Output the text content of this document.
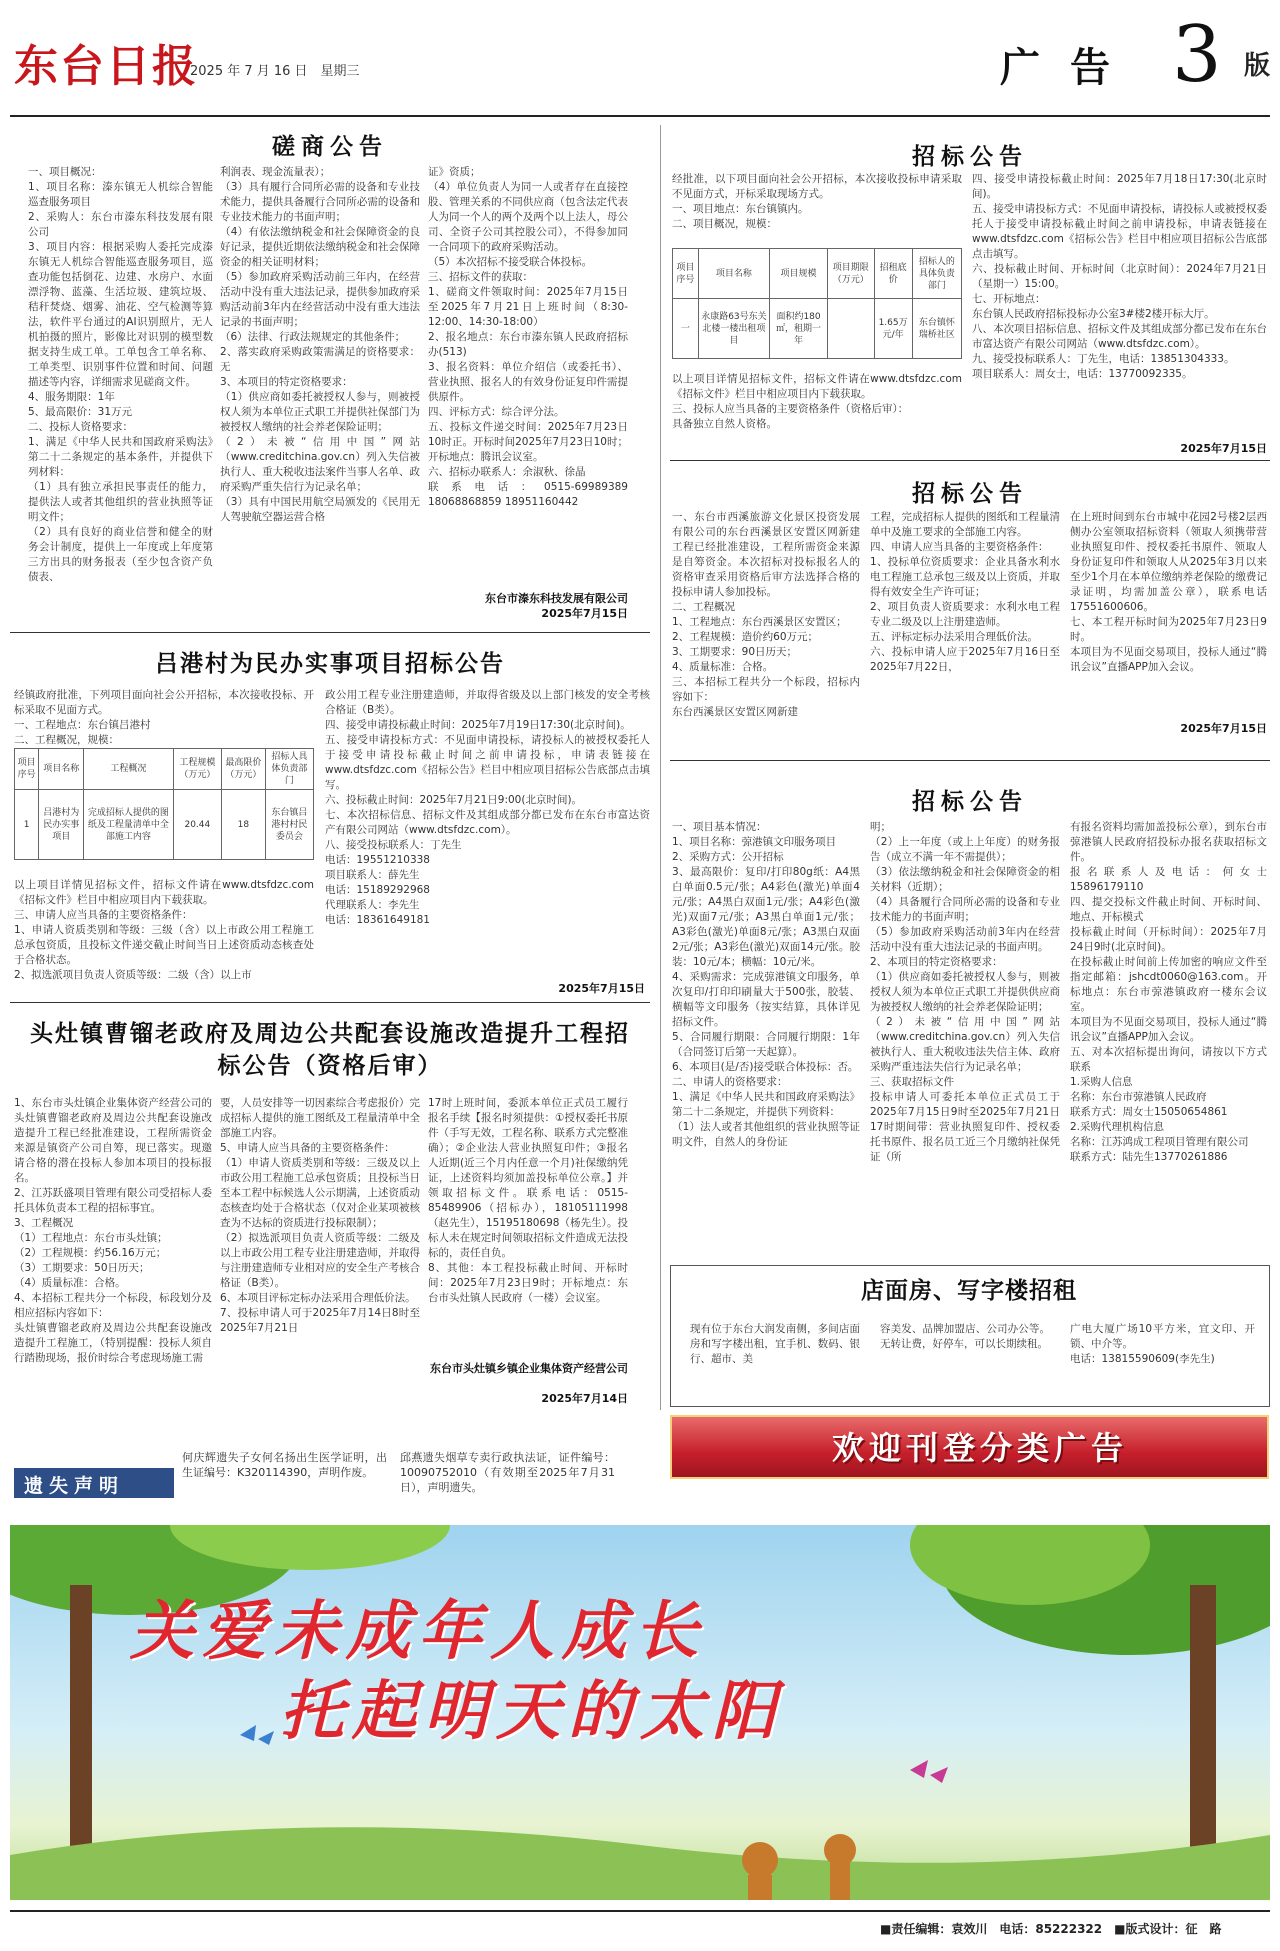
东台日报
2025 年 7 月 16 日　星期三	广告 3 版
磋商公告
一、项目概况：
1、项目名称：溱东镇无人机综合智能巡查服务项目
2、采购人：东台市溱东科技发展有限公司
3、项目内容：根据采购人委托完成溱东镇无人机综合智能巡查服务项目，巡查功能包括倒花、边建、水房户、水面漂浮物、蓝藻、生活垃圾、建筑垃圾、秸秆焚烧、烟雾、油花、空气检测等算法，软件平台通过的AI识别照片，无人机拍摄的照片，影像比对识别的模型数据支持生成工单。工单包含工单名称、工单类型、识别事件位置和时间、问题描述等内容，详细需求见磋商文件。
4、服务期限：1年
5、最高限价：31万元
二、投标人资格要求：
1、满足《中华人民共和国政府采购法》第二十二条规定的基本条件，并提供下列材料：
（1）具有独立承担民事责任的能力，提供法人或者其他组织的营业执照等证明文件；
（2）具有良好的商业信誉和健全的财务会计制度，提供上一年度或上年度第三方出具的财务报表（至少包含资产负债表、
利润表、现金流量表）；
（3）具有履行合同所必需的设备和专业技术能力，提供具备履行合同所必需的设备和专业技术能力的书面声明；
（4）有依法缴纳税金和社会保障资金的良好记录，提供近期依法缴纳税金和社会保障资金的相关证明材料；
（5）参加政府采购活动前三年内，在经营活动中没有重大违法记录，提供参加政府采购活动前3年内在经营活动中没有重大违法记录的书面声明；
（6）法律、行政法规规定的其他条件；
2、落实政府采购政策需满足的资格要求：无
3、本项目的特定资格要求：
（1）供应商如委托被授权人参与，则被授权人须为本单位正式职工并提供社保部门为被授权人缴纳的社会养老保险证明；
（2）未被“信用中国”网站（www.creditchina.gov.cn）列入失信被执行人、重大税收违法案件当事人名单、政府采购严重失信行为记录名单；
（3）具有中国民用航空局颁发的《民用无人驾驶航空器运营合格
证》资质；
（4）单位负责人为同一人或者存在直接控股、管理关系的不同供应商（包含法定代表人为同一个人的两个及两个以上法人，母公司、全资子公司其控股公司），不得参加同一合同项下的政府采购活动。
（5）本次招标不接受联合体投标。
三、招标文件的获取：
1、磋商文件领取时间：2025年7月15日至2025年7月21日上班时间（8:30-12:00、14:30-18:00）
2、报名地点：东台市溱东镇人民政府招标办(513)
3、报名资料：单位介绍信（或委托书）、营业执照、报名人的有效身份证复印件需提供原件。
四、评标方式：综合评分法。
五、投标文件递交时间：2025年7月23日10时正。开标时间2025年7月23日10时；开标地点：腾讯会议室。
六、招标办联系人：余淑秋、徐晶
联系电话：0515-69989389 18068868859 18951160442
东台市溱东科技发展有限公司
2025年7月15日
吕港村为民办实事项目招标公告
经镇政府批准，下列项目面向社会公开招标，本次接收投标、开标采取不见面方式。
一、工程地点：东台镇吕港村
二、工程概况，规模：
项目序号	项目名称	工程概况	工程规模（万元）	最高限价（万元）	招标人具体负责部门
1	吕港村为民办实事项目	完成招标人提供的图纸及工程量清单中全部施工内容	20.44	18	东台镇吕港村村民委员会
以上项目详情见招标文件，招标文件请在www.dtsfdzc.com《招标文件》栏目中相应项目内下载获取。
三、申请人应当具备的主要资格条件：
1、申请人资质类别和等级：三级（含）以上市政公用工程施工总承包资质，且投标文件递交截止时间当日上述资质动态核查处于合格状态。
2、拟选派项目负责人资质等级：二级（含）以上市
政公用工程专业注册建造师，并取得省级及以上部门核发的安全考核合格证（B类）。
四、接受申请投标截止时间：2025年7月19日17:30(北京时间)。
五、接受申请投标方式：不见面申请投标，请投标人的被授权委托人于接受申请投标截止时间之前申请投标，申请表链接在www.dtsfdzc.com《招标公告》栏目中相应项目招标公告底部点击填写。
六、投标截止时间：2025年7月21日9:00(北京时间)。
七、本次招标信息、招标文件及其组成部分都已发布在东台市富达资产有限公司网站（www.dtsfdzc.com）。
八、接受投标联系人：丁先生
电话：19551210338
项目联系人：薛先生
电话：15189292968
代理联系人：李先生
电话：18361649181
2025年7月15日
头灶镇曹镏老政府及周边公共配套设施改造提升工程招标公告（资格后审）
1、东台市头灶镇企业集体资产经营公司的头灶镇曹镏老政府及周边公共配套设施改造提升工程已经批准建设，工程所需资金来源是镇资产公司自筹，现已落实。现邀请合格的潜在投标人参加本项目的投标报名。
2、江苏跃盛项目管理有限公司受招标人委托具体负责本工程的招标事宜。
3、工程概况
（1）工程地点：东台市头灶镇；
（2）工程规模：约56.16万元；
（3）工期要求：50日历天；
（4）质量标准：合格。
4、本招标工程共分一个标段，标段划分及相应招标内容如下：
头灶镇曹镏老政府及周边公共配套设施改造提升工程施工，（特别提醒：投标人须自行踏勘现场，报价时综合考虑现场施工需
要，人员安排等一切因素综合考虑报价）完成招标人提供的施工图纸及工程量清单中全部施工内容。
5、申请人应当具备的主要资格条件：
（1）申请人资质类别和等级：三级及以上市政公用工程施工总承包资质；且投标当日至本工程中标候选人公示期满，上述资质动态核查均处于合格状态（仅对企业某项被核查为不达标的资质进行投标限制）；
（2）拟选派项目负责人资质等级：二级及以上市政公用工程专业注册建造师，并取得与注册建造师专业相对应的安全生产考核合格证（B类）。
6、本项目评标定标办法采用合理低价法。
7、投标申请人可于2025年7月14日8时至2025年7月21日
17时上班时间，委派本单位正式员工履行报名手续【报名时须提供：①授权委托书原件（手写无效，工程名称、联系方式完整准确）；②企业法人营业执照复印件；③报名人近期(近三个月内任意一个月)社保缴纳凭证，上述资料均须加盖投标单位公章。】并领取招标文件。联系电话：0515-85489906（招标办），18105111998（赵先生），15195180698（杨先生）。投标人未在规定时间领取招标文件造成无法投标的，责任自负。
8、其他：本工程投标截止时间、开标时间：2025年7月23日9时；开标地点：东台市头灶镇人民政府（一楼）会议室。
东台市头灶镇乡镇企业集体资产经营公司
2025年7月14日
招标公告
经批准，以下项目面向社会公开招标，本次接收投标申请采取不见面方式，开标采取现场方式。
一、项目地点：东台镇镇内。
二、项目概况，规模：
项目序号	项目名称	项目规模	项目期限（万元）	招租底价	招标人的具体负责部门
一	永康路63号东关北楼一楼出租项目	面积约180㎡，租期一年		1.65万元/年	东台镇怀瑞桥社区
以上项目详情见招标文件，招标文件请在www.dtsfdzc.com《招标文件》栏目中相应项目内下载获取。
三、投标人应当具备的主要资格条件（资格后审）：
具备独立自然人资格。
四、接受申请投标截止时间：2025年7月18日17:30(北京时间)。
五、接受申请投标方式：不见面申请投标，请投标人或被授权委托人于接受申请投标截止时间之前申请投标，申请表链接在www.dtsfdzc.com《招标公告》栏目中相应项目招标公告底部点击填写。
六、投标截止时间、开标时间（北京时间）：2024年7月21日（星期一）15:00。
七、开标地点：
东台镇人民政府招标投标办公室3#楼2楼开标大厅。
八、本次项目招标信息、招标文件及其组成部分都已发布在东台市富达资产有限公司网站（www.dtsfdzc.com）。
九、接受投标联系人：丁先生，电话：13851304333。
项目联系人：周女士，电话：13770092335。
2025年7月15日
招标公告
一、东台市西溪旅游文化景区投资发展有限公司的东台西溪景区安置区网新建工程已经批准建设，工程所需资金来源是自筹资金。本次招标对投标报名人的资格审查采用资格后审方法选择合格的投标申请人参加投标。
二、工程概况
1、工程地点：东台西溪景区安置区；
2、工程规模：造价约60万元；
3、工期要求：90日历天；
4、质量标准：合格。
三、本招标工程共分一个标段，招标内容如下：
东台西溪景区安置区网新建
工程，完成招标人提供的图纸和工程量清单中及施工要求的全部施工内容。
四、申请人应当具备的主要资格条件：
1、投标单位资质要求：企业具备水利水电工程施工总承包三级及以上资质，并取得有效安全生产许可证；
2、项目负责人资质要求：水利水电工程专业二级及以上注册建造师。
五、评标定标办法采用合理低价法。
六、投标申请人应于2025年7月16日至2025年7月22日，
在上班时间到东台市城中花园2号楼2层西侧办公室领取招标资料（领取人须携带营业执照复印件、授权委托书原件、领取人身份证复印件和领取人从2025年3月以来至少1个月在本单位缴纳养老保险的缴费记录证明，均需加盖公章），联系电话17551600606。
七、本工程开标时间为2025年7月23日9时。
本项目为不见面交易项目，投标人通过“腾讯会议”直播APP加入会议。
2025年7月15日
招标公告
一、项目基本情况：
1、项目名称：弶港镇文印服务项目
2、采购方式：公开招标
3、最高限价：复印/打印80g纸：A4黑白单面0.5元/张；A4彩色(激光)单面4元/张；A4黑白双面1元/张；A4彩色(激光)双面7元/张；A3黑白单面1元/张；A3彩色(激光)单面8元/张；A3黑白双面2元/张；A3彩色(激光)双面14元/张。胶装：10元/本；横幅：10元/米。
4、采购需求：完成弶港镇文印服务，单次复印/打印印刷量大于500张，胶装、横幅等文印服务（按实结算，具体详见招标文件。
5、合同履行期限：合同履行期限：1年（合同签订后第一天起算）。
6、本项目(是/否)接受联合体投标：否。
二、申请人的资格要求：
1、满足《中华人民共和国政府采购法》第二十二条规定，并提供下列资料：
（1）法人或者其他组织的营业执照等证明文件，自然人的身份证
明；
（2）上一年度（或上上年度）的财务报告（成立不满一年不需提供）；
（3）依法缴纳税金和社会保障资金的相关材料（近期）；
（4）具备履行合同所必需的设备和专业技术能力的书面声明；
（5）参加政府采购活动前3年内在经营活动中没有重大违法记录的书面声明。
2、本项目的特定资格要求：
（1）供应商如委托被授权人参与，则被授权人须为本单位正式职工并提供供应商为被授权人缴纳的社会养老保险证明；
（2）未被“信用中国”网站（www.creditchina.gov.cn）列入失信被执行人、重大税收违法失信主体、政府采购严重违法失信行为记录名单；
三、获取招标文件
投标申请人可委托本单位正式员工于2025年7月15日9时至2025年7月21日17时期间带：营业执照复印件、授权委托书原件、报名员工近三个月缴纳社保凭证（所
有报名资料均需加盖投标公章），到东台市弶港镇人民政府招投标办报名获取招标文件。
报名联系人及电话：何女士15896179110
四、提交投标文件截止时间、开标时间、地点、开标模式
投标截止时间（开标时间）：2025年7月24日9时(北京时间)。
在投标截止时间前上传加密的响应文件至指定邮箱：jshcdt0060@163.com。开标地点：东台市弶港镇政府一楼东会议室。
本项目为不见面交易项目，投标人通过“腾讯会议”直播APP加入会议。
五、对本次招标提出询问，请按以下方式联系
1.采购人信息
名称：东台市弶港镇人民政府
联系方式：周女士15050654861
2.采购代理机构信息
名称：江苏鸿成工程项目管理有限公司
联系方式：陆先生13770261886
店面房、写字楼招租
现有位于东台大润发南侧，多间店面房和写字楼出租，宜手机、数码、银行、超市、美
容美发、品牌加盟店、公司办公等。无转让费，好停车，可以长期续租。
广电大厦广场10平方米，宜文印、开锁、中介等。
电话：13815590609(李先生)
欢迎刊登分类广告
遗失声明
何庆辉遗失子女何名扬出生医学证明，出生证编号：K320114390，声明作废。
邱燕遗失烟草专卖行政执法证，证件编号：10090752010（有效期至2025年7月31日），声明遗失。
关爱未成年人成长
托起明天的太阳
■责任编辑：袁效川　电话：85222322　■版式设计：征　路
